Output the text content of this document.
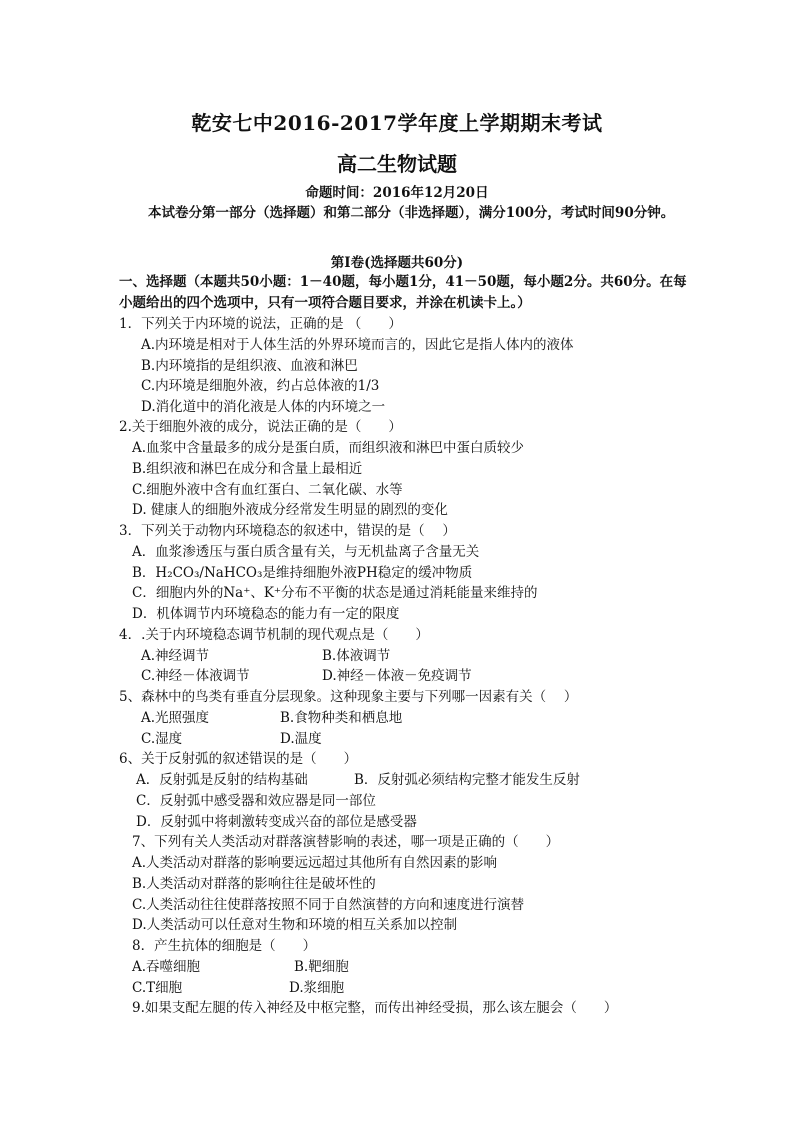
乾安七中2016-2017学年度上学期期末考试
高二生物试题
命题时间：2016年12月20日
本试卷分第一部分（选择题）和第二部分（非选择题），满分100分，考试时间90分钟。
第I卷(选择题共60分)
一、选择题（本题共50小题：1－40题，每小题1分，41－50题，每小题2分。共60分。在每小题给出的四个选项中，只有一项符合题目要求，并涂在机读卡上。）
1．下列关于内环境的说法，正确的是 （　　）
A.内环境是相对于人体生活的外界环境而言的，因此它是指人体内的液体
B.内环境指的是组织液、血液和淋巴
C.内环境是细胞外液，约占总体液的1/3
D.消化道中的消化液是人体的内环境之一
2.关于细胞外液的成分，说法正确的是（　　）
A.血浆中含量最多的成分是蛋白质，而组织液和淋巴中蛋白质较少
B.组织液和淋巴在成分和含量上最相近
C.细胞外液中含有血红蛋白、二氧化碳、水等
D. 健康人的细胞外液成分经常发生明显的剧烈的变化
3．下列关于动物内环境稳态的叙述中，错误的是（　 ）
A．血浆渗透压与蛋白质含量有关，与无机盐离子含量无关
B．H₂CO₃/NaHCO₃是维持细胞外液PH稳定的缓冲物质
C．细胞内外的Na⁺、K⁺分布不平衡的状态是通过消耗能量来维持的
D．机体调节内环境稳态的能力有一定的限度
4．.关于内环境稳态调节机制的现代观点是（　　）
A.神经调节	B.体液调节
C.神经－体液调节	D.神经－体液－免疫调节
5、森林中的鸟类有垂直分层现象。这种现象主要与下列哪一因素有关（　 ）
A.光照强度	B.食物种类和栖息地
C.湿度	D.温度
6、关于反射弧的叙述错误的是（　　）
A．反射弧是反射的结构基础	B．反射弧必须结构完整才能发生反射
C．反射弧中感受器和效应器是同一部位
D．反射弧中将刺激转变成兴奋的部位是感受器
7、下列有关人类活动对群落演替影响的表述，哪一项是正确的（　　）
A.人类活动对群落的影响要远远超过其他所有自然因素的影响
B.人类活动对群落的影响往往是破坏性的
C.人类活动往往使群落按照不同于自然演替的方向和速度进行演替
D.人类活动可以任意对生物和环境的相互关系加以控制
8．产生抗体的细胞是（　　）
A.吞噬细胞	B.靶细胞
C.T细胞	D.浆细胞
9.如果支配左腿的传入神经及中枢完整，而传出神经受损，那么该左腿会（　　）
